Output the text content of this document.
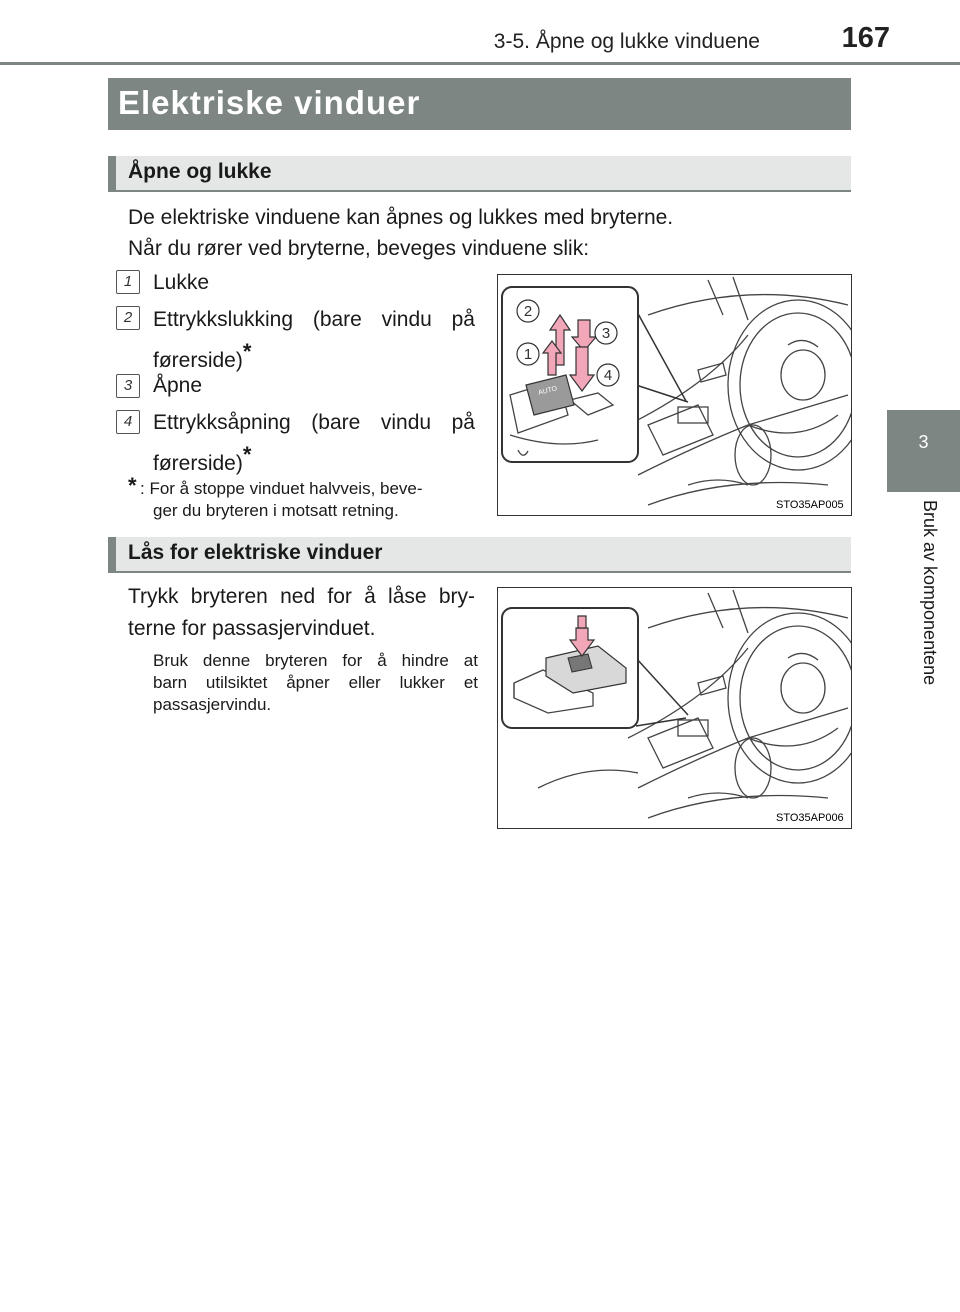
3-5. Åpne og lukke vinduene	167
3
Bruk av komponentene
Elektriske vinduer
Åpne og lukke
De elektriske vinduene kan åpnes og lukkes med bryterne.
Når du rører ved bryterne, beveges vinduene slik:
1 Lukke
2 Ettrykkslukking (bare vindu på
førerside)*
3 Åpne
4 Ettrykksåpning (bare vindu på
førerside)*
* : For å stoppe vinduet halvveis, beve-
ger du bryteren i motsatt retning.
AUTO
2
3
1
4
STO35AP005
Lås for elektriske vinduer
Trykk bryteren ned for å låse bry-
terne for passasjervinduet.
Bruk denne bryteren for å hindre at
barn utilsiktet åpner eller lukker et
passasjervindu.
STO35AP006
